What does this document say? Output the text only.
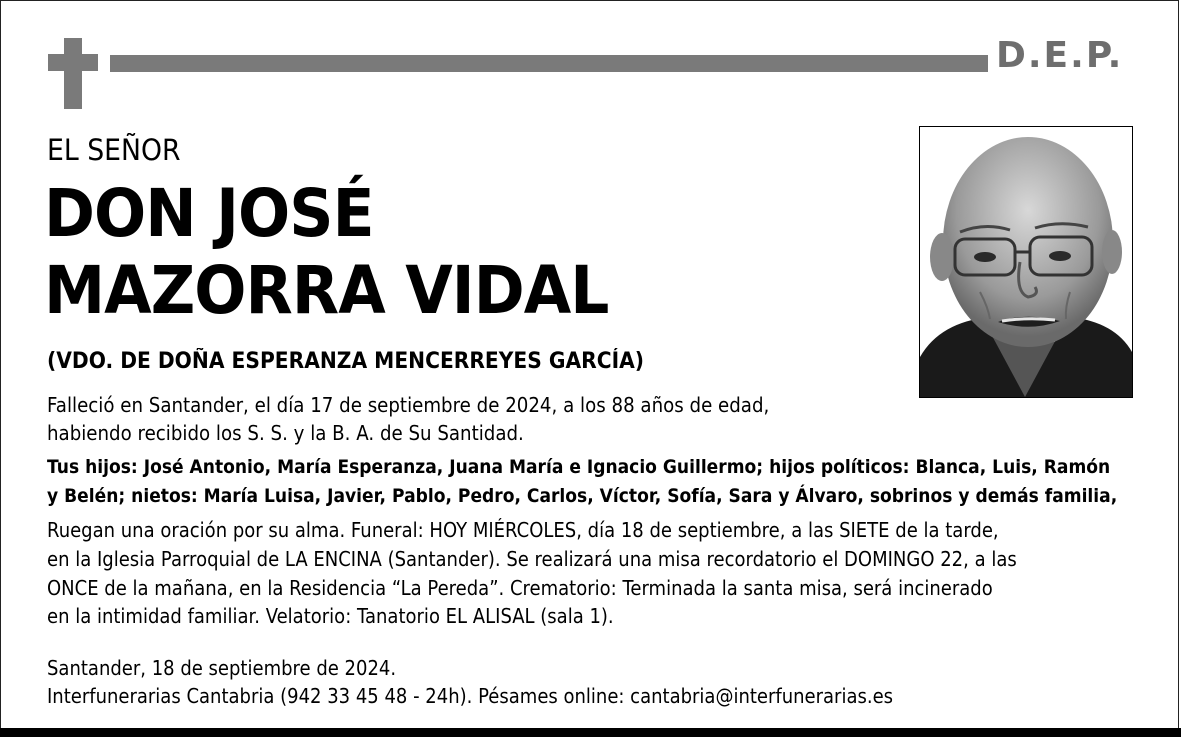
D.E.P.
EL SEÑOR
DON JOSÉ
MAZORRA VIDAL
(VDO. DE DOÑA ESPERANZA MENCERREYES GARCÍA)
Falleció en Santander, el día 17 de septiembre de 2024, a los 88 años de edad,
habiendo recibido los S. S. y la B. A. de Su Santidad.
Tus hijos: José Antonio, María Esperanza, Juana María e Ignacio Guillermo; hijos políticos: Blanca, Luis, Ramón
y Belén; nietos: María Luisa, Javier, Pablo, Pedro, Carlos, Víctor, Sofía, Sara y Álvaro, sobrinos y demás familia,
Ruegan una oración por su alma. Funeral: HOY MIÉRCOLES, día 18 de septiembre, a las SIETE de la tarde,
en la Iglesia Parroquial de LA ENCINA (Santander). Se realizará una misa recordatorio el DOMINGO 22, a las
ONCE de la mañana, en la Residencia “La Pereda”. Crematorio: Terminada la santa misa, será incinerado
en la intimidad familiar. Velatorio: Tanatorio EL ALISAL (sala 1).
Santander, 18 de septiembre de 2024.
Interfunerarias Cantabria (942 33 45 48 - 24h). Pésames online: cantabria@interfunerarias.es
